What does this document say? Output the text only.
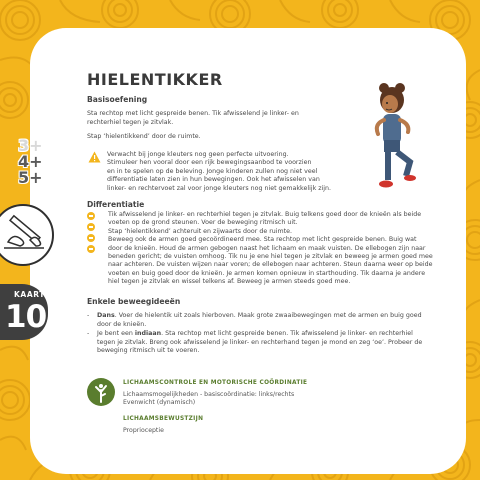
3+
4+
5+
KAART
10
HIELENTIKKER
Basisoefening
Sta rechtop met licht gespreide benen. Tik afwisselend je linker- en
rechterhiel tegen je zitvlak.
Stap ‘hielentikkend’ door de ruimte.
Verwacht bij jonge kleuters nog geen perfecte uitvoering.
Stimuleer hen vooral door een rijk bewegingsaanbod te voorzien
en in te spelen op de beleving. Jonge kinderen zullen nog niet veel
differentiatie laten zien in hun bewegingen. Ook het afwisselen van
linker- en rechtervoet zal voor jonge kleuters nog niet gemakkelijk zijn.
Differentiatie
Tik afwisselend je linker- en rechterhiel tegen je zitvlak. Buig telkens goed door de knieën als beide
voeten op de grond steunen. Voer de beweging ritmisch uit.
Stap ‘hielentikkend’ achteruit en zijwaarts door de ruimte.
Beweeg ook de armen goed gecoördineerd mee. Sta rechtop met licht gespreide benen. Buig wat
door de knieën. Houd de armen gebogen naast het lichaam en maak vuisten. De ellebogen zijn naar
beneden gericht; de vuisten omhoog. Tik nu je ene hiel tegen je zitvlak en beweeg je armen goed mee
naar achteren. De vuisten wijzen naar voren; de ellebogen naar achteren. Steun daarna weer op beide
voeten en buig goed door de knieën. Je armen komen opnieuw in starthouding. Tik daarna je andere
hiel tegen je zitvlak en wissel telkens af. Beweeg je armen steeds goed mee.
Enkele beweegideeën
- Dans. Voer de hielentik uit zoals hierboven. Maak grote zwaaibewegingen met de armen en buig goed
door de knieën.
- Je bent een indiaan. Sta rechtop met licht gespreide benen. Tik afwisselend je linker- en rechterhiel
tegen je zitvlak. Breng ook afwisselend je linker- en rechterhand tegen je mond en zeg ‘oe’. Probeer de
beweging ritmisch uit te voeren.
LICHAAMSCONTROLE EN MOTORISCHE COÖRDINATIE
Lichaamsmogelijkheden - basiscoördinatie: links/rechts
Evenwicht (dynamisch)
LICHAAMSBEWUSTZIJN
Proprioceptie
